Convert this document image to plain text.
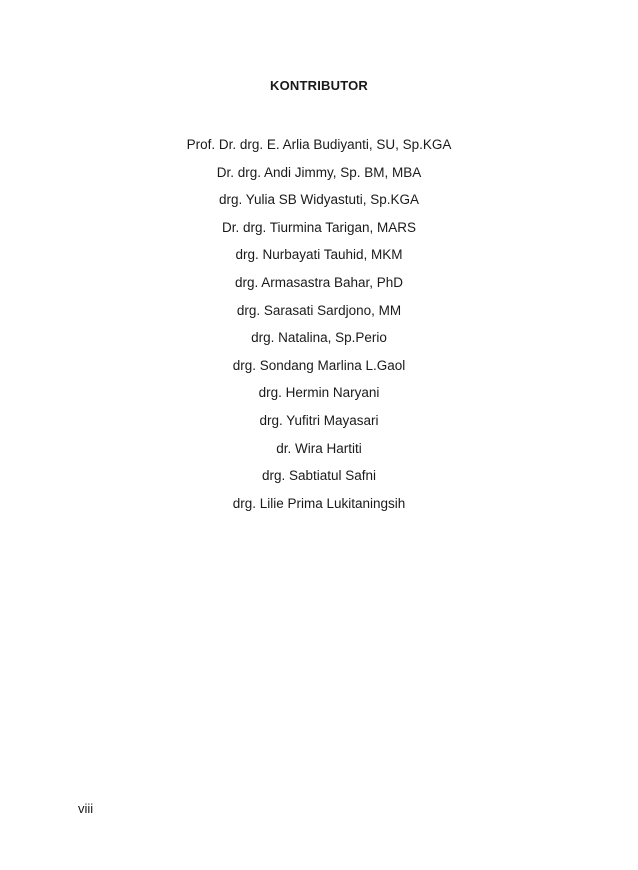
KONTRIBUTOR
Prof. Dr. drg. E. Arlia Budiyanti, SU, Sp.KGA
Dr. drg. Andi Jimmy, Sp. BM, MBA
drg. Yulia SB Widyastuti, Sp.KGA
Dr. drg. Tiurmina Tarigan, MARS
drg. Nurbayati Tauhid, MKM
drg. Armasastra Bahar, PhD
drg. Sarasati Sardjono, MM
drg. Natalina, Sp.Perio
drg. Sondang Marlina L.Gaol
drg. Hermin Naryani
drg. Yufitri Mayasari
dr. Wira Hartiti
drg. Sabtiatul Safni
drg. Lilie Prima Lukitaningsih
viii
